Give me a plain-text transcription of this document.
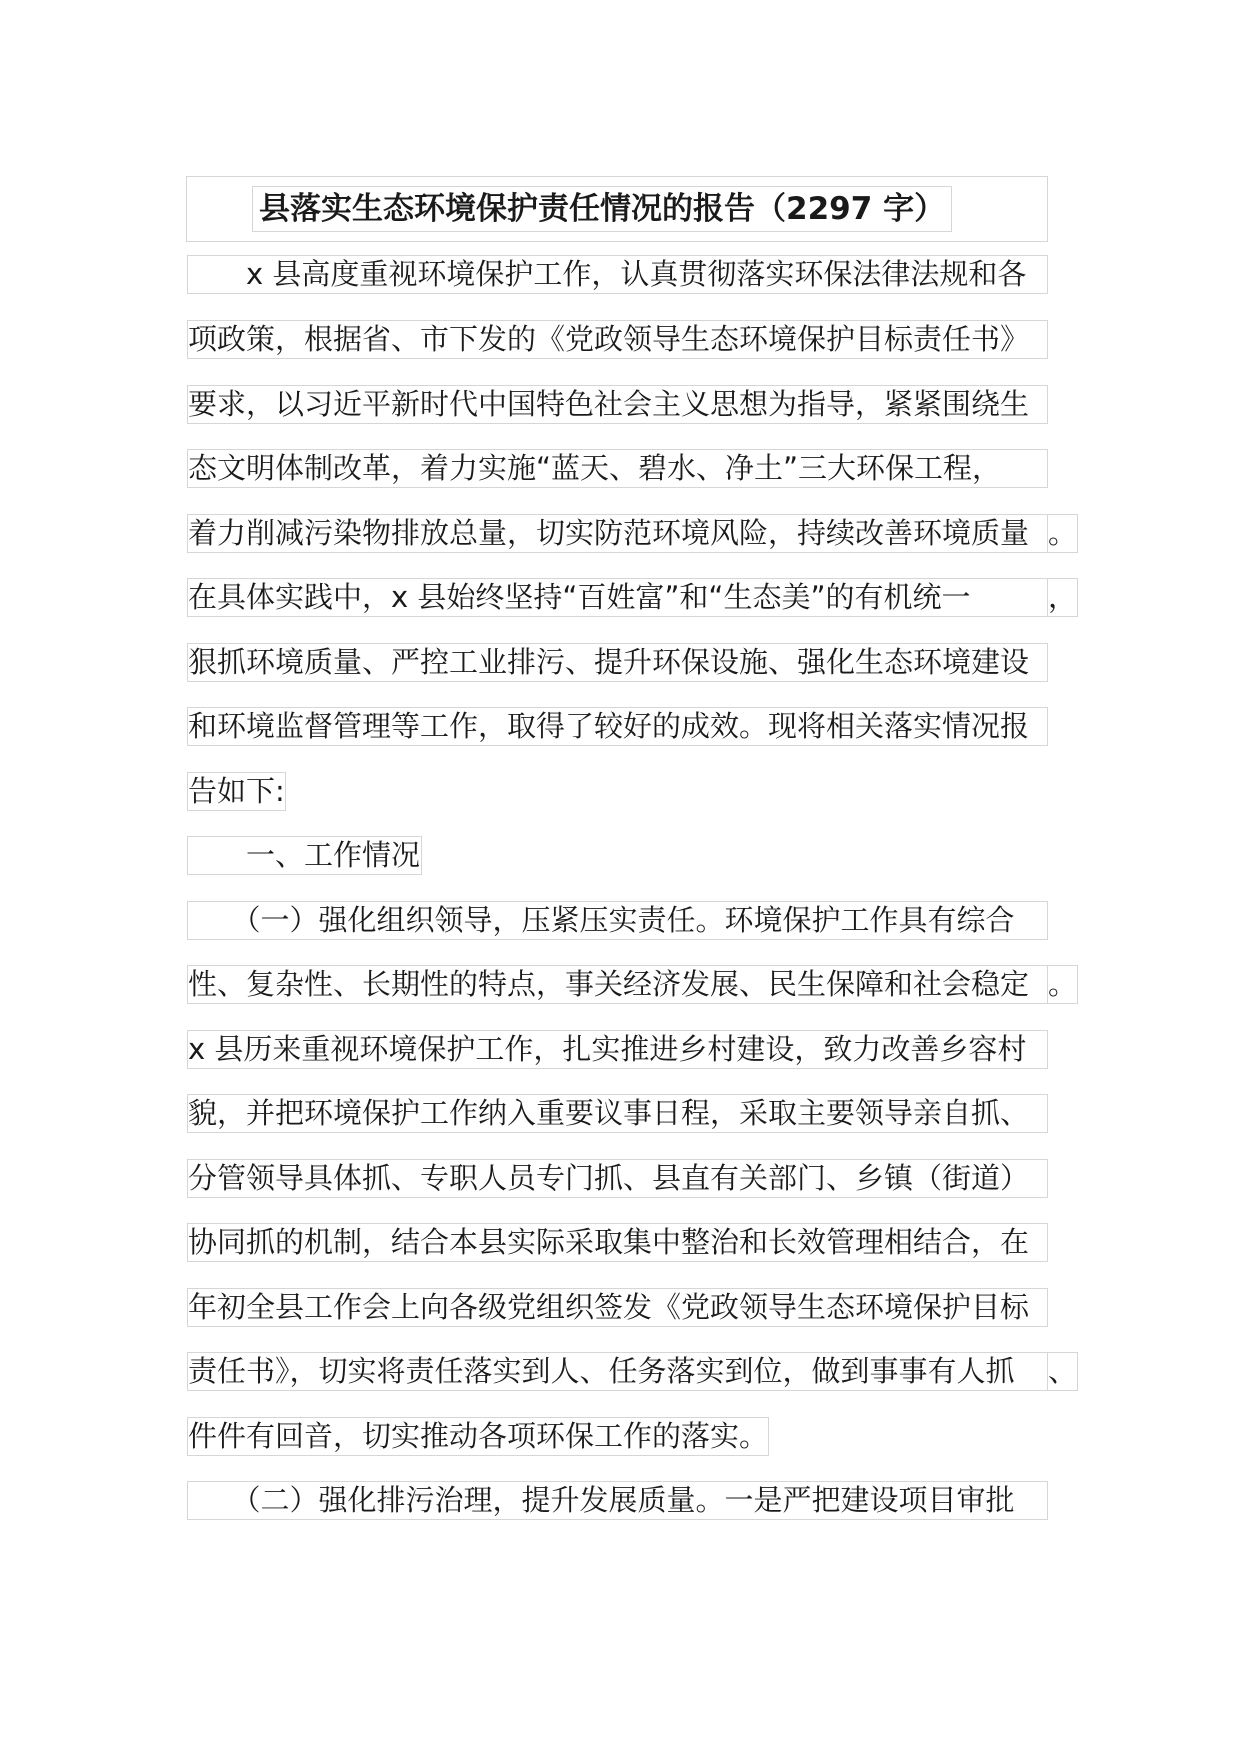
县落实生态环境保护责任情况的报告（2297 字）
　　x 县高度重视环境保护工作，认真贯彻落实环保法律法规和各
项政策，根据省、市下发的《党政领导生态环境保护目标责任书》
要求，以习近平新时代中国特色社会主义思想为指导，紧紧围绕生
态文明体制改革，着力实施“蓝天、碧水、净土”三大环保工程，
着力削减污染物排放总量，切实防范环境风险，持续改善环境质量 。
在具体实践中，x 县始终坚持“百姓富”和“生态美”的有机统一	，
狠抓环境质量、严控工业排污、提升环保设施、强化生态环境建设
和环境监督管理等工作，取得了较好的成效。现将相关落实情况报
告如下:
　　一、工作情况
　　（一）强化组织领导，压紧压实责任。环境保护工作具有综合
性、复杂性、长期性的特点，事关经济发展、民生保障和社会稳定 。
x 县历来重视环境保护工作，扎实推进乡村建设，致力改善乡容村
貌，并把环境保护工作纳入重要议事日程，采取主要领导亲自抓、
分管领导具体抓、专职人员专门抓、县直有关部门、乡镇（街道）
协同抓的机制，结合本县实际采取集中整治和长效管理相结合，在
年初全县工作会上向各级党组织签发《党政领导生态环境保护目标
责任书》，切实将责任落实到人、任务落实到位，做到事事有人抓	、
件件有回音，切实推动各项环保工作的落实。
　　（二）强化排污治理，提升发展质量。一是严把建设项目审批
